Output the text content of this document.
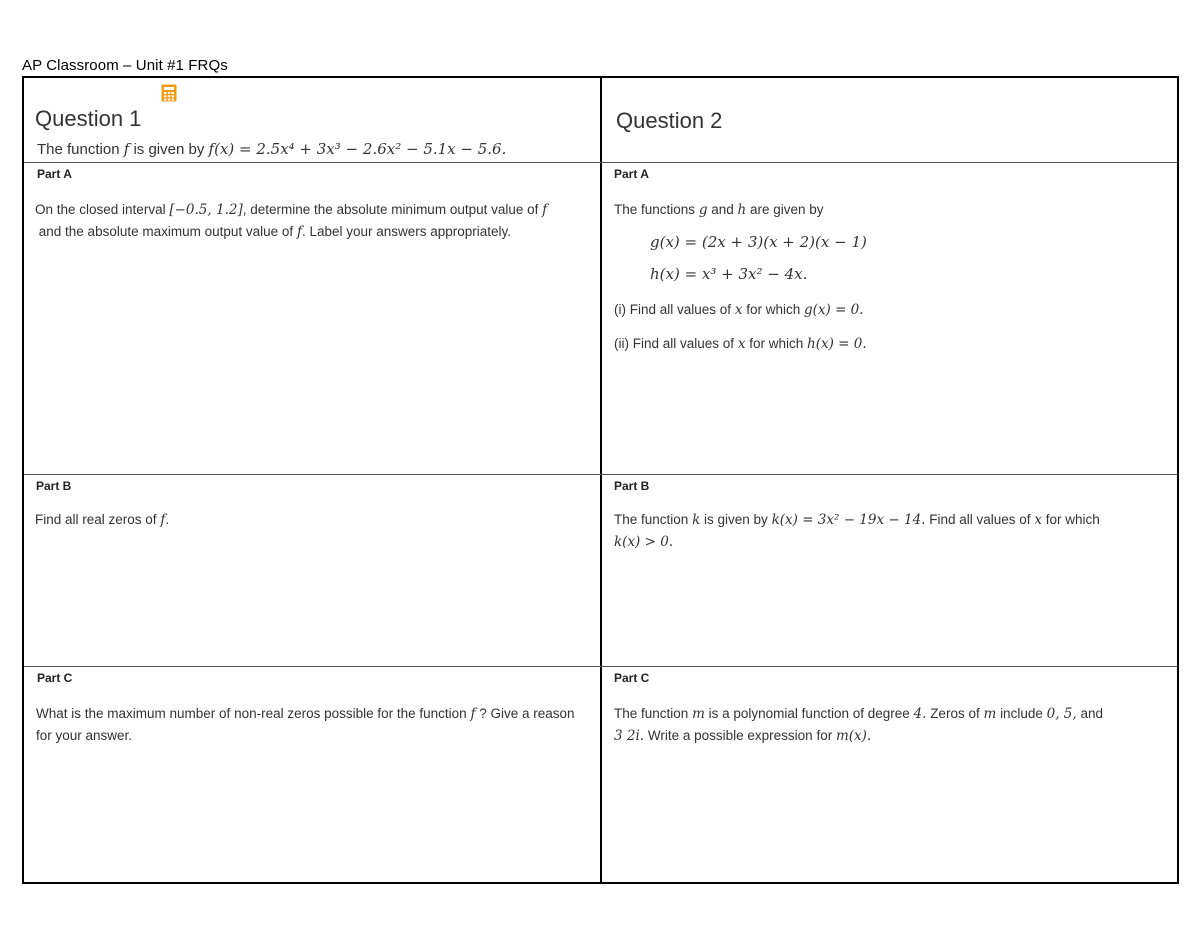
AP Classroom – Unit #1 FRQs
Question 1
The function f is given by f(x) = 2.5x⁴ + 3x³ − 2.6x² − 5.1x − 5.6.
Question 2
Part A
On the closed interval [−0.5, 1.2], determine the absolute minimum output value of f
and the absolute maximum output value of f. Label your answers appropriately.
Part A
The functions g and h are given by
g(x) = (2x + 3)(x + 2)(x − 1)
h(x) = x³ + 3x² − 4x.
(i) Find all values of x for which g(x) = 0.
(ii) Find all values of x for which h(x) = 0.
Part B
Find all real zeros of f.
Part B
The function k is given by k(x) = 3x² − 19x − 14. Find all values of x for which
k(x) > 0.
Part C
What is the maximum number of non-real zeros possible for the function f ? Give a reason for your answer.
Part C
The function m is a polynomial function of degree 4. Zeros of m include 0, 5, and
3 2i. Write a possible expression for m(x).
